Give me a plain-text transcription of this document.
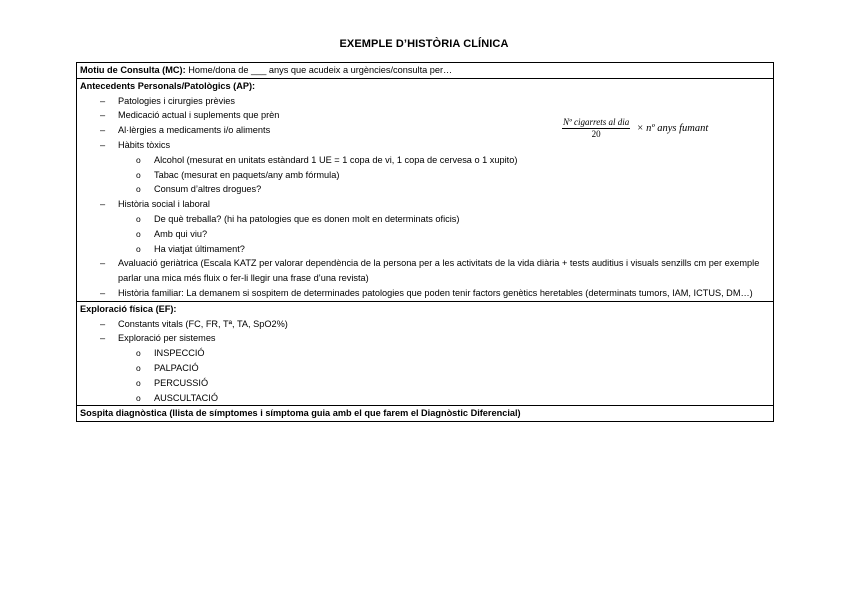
EXEMPLE D’HISTÒRIA CLÍNICA
Motiu de Consulta (MC): Home/dona de ___ anys que acudeix a urgències/consulta per…

Antecedents Personals/Patològics (AP):
– Patologies i cirurgies prèvies
– Medicació actual i suplements que prèn
– Al·lèrgies a medicaments i/o aliments
– Hàbits tòxics
o Alcohol (mesurat en unitats estàndard 1 UE = 1 copa de vi, 1 copa de cervesa o 1 xupito)
o Tabac (mesurat en paquets/any amb fórmula)
o Consum d’altres drogues?
– Història social i laboral
o De què treballa? (hi ha patologies que es donen molt en determinats oficis)
o Amb qui viu?
o Ha viatjat últimament?
– Avaluació geriàtrica (Escala KATZ per valorar dependència de la persona per a les activitats de la vida diària + tests auditius i visuals senzills cm per exemple parlar una mica més fluix o fer-li llegir una frase d’una revista)
– Història familiar: La demanem si sospitem de determinades patologies que poden tenir factors genètics heretables (determinats tumors, IAM, ICTUS, DM…)

Exploració física (EF):
– Constants vitals (FC, FR, Tª, TA, SpO2%)
– Exploració per sistemes
o INSPECCIÓ
o PALPACIÓ
o PERCUSSIÓ
o AUSCULTACIÓ

Sospita diagnòstica (llista de símptomes i símptoma guia amb el que farem el Diagnòstic Diferencial)
$\frac{\text{Nº cigarrets al dia}}{20}$ × nº anys fumant
